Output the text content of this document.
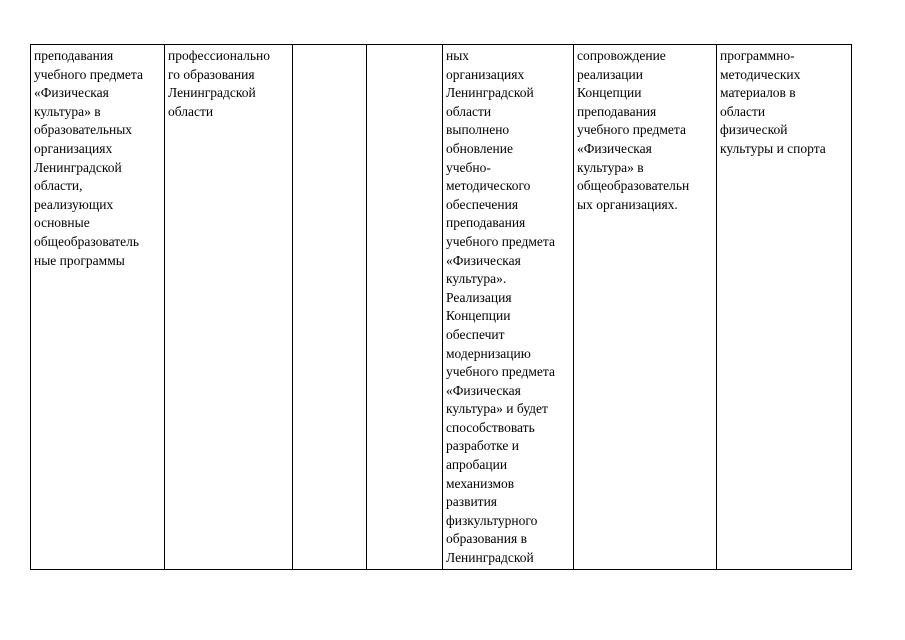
преподавания
учебного предмета
«Физическая
культура» в
образовательных
организациях
Ленинградской
области,
реализующих
основные
общеобразователь
ные программы	профессионально
го образования
Ленинградской
области			ных
организациях
Ленинградской
области
выполнено
обновление
учебно-
методического
обеспечения
преподавания
учебного предмета
«Физическая
культура».
Реализация
Концепции
обеспечит
модернизацию
учебного предмета
«Физическая
культура» и будет
способствовать
разработке и
апробации
механизмов
развития
физкультурного
образования в
Ленинградской	сопровождение
реализации
Концепции
преподавания
учебного предмета
«Физическая
культура» в
общеобразовательн
ых организациях.	программно-
методических
материалов в
области
физической
культуры и спорта
